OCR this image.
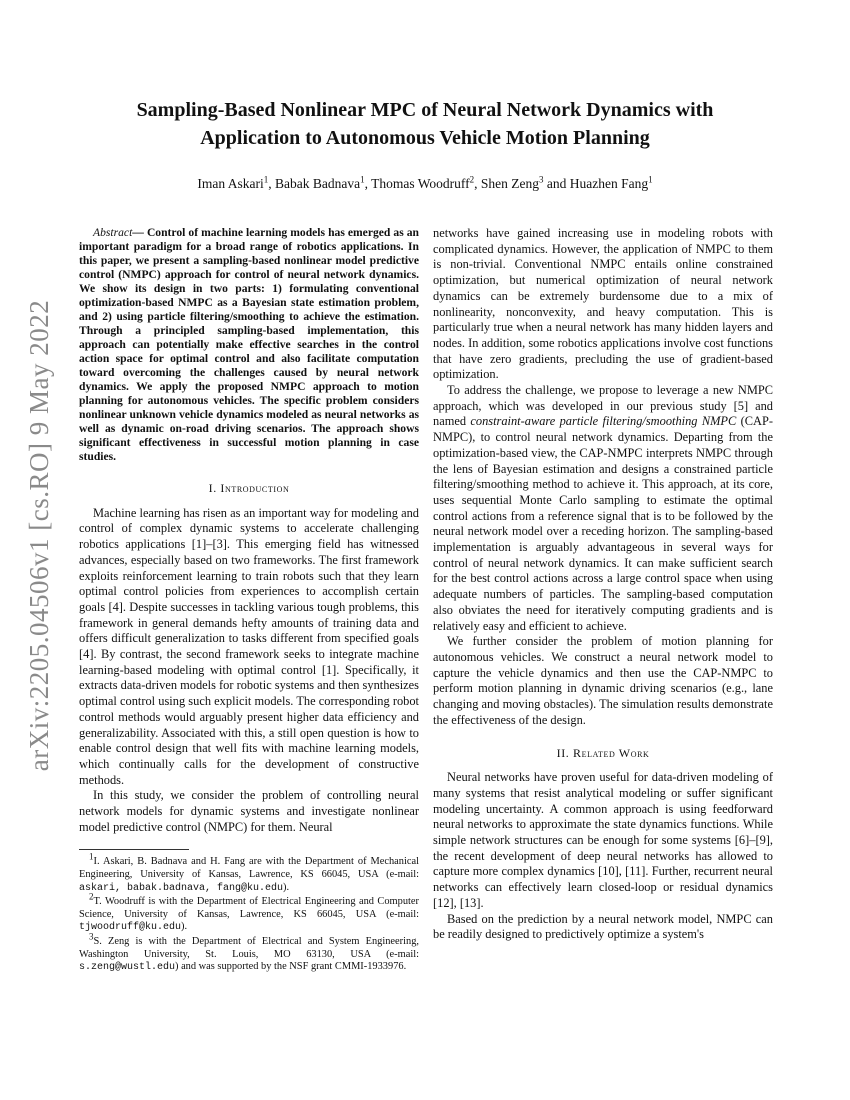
arXiv:2205.04506v1 [cs.RO] 9 May 2022
Sampling-Based Nonlinear MPC of Neural Network Dynamics with
Application to Autonomous Vehicle Motion Planning
Iman Askari$^1$, Babak Badnava$^1$, Thomas Woodruff$^2$, Shen Zeng$^3$ and Huazhen Fang$^1$

Abstract— Control of machine learning models has emerged as an important paradigm for a broad range of robotics applications. In this paper, we present a sampling-based nonlinear model predictive control (NMPC) approach for control of neural network dynamics. We show its design in two parts: 1) formulating conventional optimization-based NMPC as a Bayesian state estimation problem, and 2) using particle filtering/smoothing to achieve the estimation. Through a principled sampling-based implementation, this approach can potentially make effective searches in the control action space for optimal control and also facilitate computation toward overcoming the challenges caused by neural network dynamics. We apply the proposed NMPC approach to motion planning for autonomous vehicles. The specific problem considers nonlinear unknown vehicle dynamics modeled as neural networks as well as dynamic on-road driving scenarios. The approach shows significant effectiveness in successful motion planning in case studies.

I. Introduction

Machine learning has risen as an important way for modeling and control of complex dynamic systems to accelerate challenging robotics applications [1]–[3]. This emerging field has witnessed advances, especially based on two frameworks. The first framework exploits reinforcement learning to train robots such that they learn optimal control policies from experiences to accomplish certain goals [4]. Despite successes in tackling various tough problems, this framework in general demands hefty amounts of training data and offers difficult generalization to tasks different from specified goals [4]. By contrast, the second framework seeks to integrate machine learning-based modeling with optimal control [1]. Specifically, it extracts data-driven models for robotic systems and then synthesizes optimal control using such explicit models. The corresponding robot control methods would arguably present higher data efficiency and generalizability. Associated with this, a still open question is how to enable control design that well fits with machine learning models, which continually calls for the development of constructive methods.

In this study, we consider the problem of controlling neural network models for dynamic systems and investigate nonlinear model predictive control (NMPC) for them. Neural

$^1$I. Askari, B. Badnava and H. Fang are with the Department of Mechanical Engineering, University of Kansas, Lawrence, KS 66045, USA (e-mail: askari, babak.badnava, fang@ku.edu).

$^2$T. Woodruff is with the Department of Electrical Engineering and Computer Science, University of Kansas, Lawrence, KS 66045, USA (e-mail: tjwoodruff@ku.edu).

$^3$S. Zeng is with the Department of Electrical and System Engineering, Washington University, St. Louis, MO 63130, USA (e-mail: s.zeng@wustl.edu) and was supported by the NSF grant CMMI-1933976.

networks have gained increasing use in modeling robots with complicated dynamics. However, the application of NMPC to them is non-trivial. Conventional NMPC entails online constrained optimization, but numerical optimization of neural network dynamics can be extremely burdensome due to a mix of nonlinearity, nonconvexity, and heavy computation. This is particularly true when a neural network has many hidden layers and nodes. In addition, some robotics applications involve cost functions that have zero gradients, precluding the use of gradient-based optimization.

To address the challenge, we propose to leverage a new NMPC approach, which was developed in our previous study [5] and named constraint-aware particle filtering/smoothing NMPC (CAP-NMPC), to control neural network dynamics. Departing from the optimization-based view, the CAP-NMPC interprets NMPC through the lens of Bayesian estimation and designs a constrained particle filtering/smoothing method to achieve it. This approach, at its core, uses sequential Monte Carlo sampling to estimate the optimal control actions from a reference signal that is to be followed by the neural network model over a receding horizon. The sampling-based implementation is arguably advantageous in several ways for control of neural network dynamics. It can make sufficient search for the best control actions across a large control space when using adequate numbers of particles. The sampling-based computation also obviates the need for iteratively computing gradients and is relatively easy and efficient to achieve.

We further consider the problem of motion planning for autonomous vehicles. We construct a neural network model to capture the vehicle dynamics and then use the CAP-NMPC to perform motion planning in dynamic driving scenarios (e.g., lane changing and moving obstacles). The simulation results demonstrate the effectiveness of the design.

II. Related Work

Neural networks have proven useful for data-driven modeling of many systems that resist analytical modeling or suffer significant modeling uncertainty. A common approach is using feedforward neural networks to approximate the state dynamics functions. While simple network structures can be enough for some systems [6]–[9], the recent development of deep neural networks has allowed to capture more complex dynamics [10], [11]. Further, recurrent neural networks can effectively learn closed-loop or residual dynamics [12], [13].

Based on the prediction by a neural network model, NMPC can be readily designed to predictively optimize a system's
